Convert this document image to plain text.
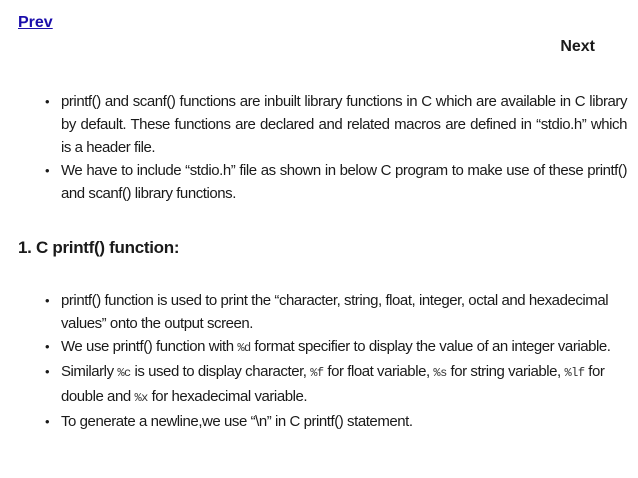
Prev
Next
• printf() and scanf() functions are inbuilt library functions in C which are available in C library by default. These functions are declared and related macros are defined in “stdio.h” which is a header file.
• We have to include “stdio.h” file as shown in below C program to make use of these printf() and scanf() library functions.
1. C printf() function:
• printf() function is used to print the “character, string, float, integer, octal and hexadecimal values” onto the output screen.
• We use printf() function with %d format specifier to display the value of an integer variable.
• Similarly %c is used to display character, %f for float variable, %s for string variable, %lf for double and %x for hexadecimal variable.
• To generate a newline,we use “\n” in C printf() statement.
